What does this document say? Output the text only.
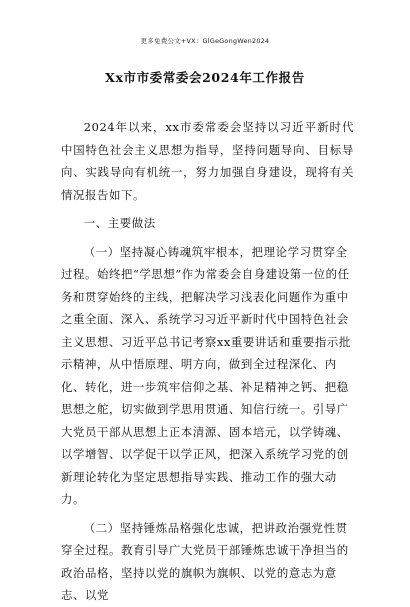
更多免费公文+VX：GlGeGongWen2024
Xx市市委常委会2024年工作报告

2024年以来，xx市委常委会坚持以习近平新时代中国特色社会主义思想为指导，坚持问题导向、目标导向、实践导向有机统一，努力加强自身建设，现将有关情况报告如下。

一、主要做法

（一）坚持凝心铸魂筑牢根本，把理论学习贯穿全过程。始终把“学思想”作为常委会自身建设第一位的任务和贯穿始终的主线，把解决学习浅表化问题作为重中之重全面、深入、系统学习习近平新时代中国特色社会主义思想、习近平总书记考察xx重要讲话和重要指示批示精神，从中悟原理、明方向，做到全过程深化、内化、转化，进一步筑牢信仰之基、补足精神之钙、把稳思想之舵，切实做到学思用贯通、知信行统一。引导广大党员干部从思想上正本清源、固本培元，以学铸魂、以学增智、以学促干以学正风，把深入系统学习党的创新理论转化为坚定思想指导实践、推动工作的强大动力。

（二）坚持锤炼品格强化忠诚，把讲政治强党性贯穿全过程。教育引导广大党员干部锤炼忠诚干净担当的政治品格，坚持以党的旗帜为旗帜、以党的意志为意志、以党
